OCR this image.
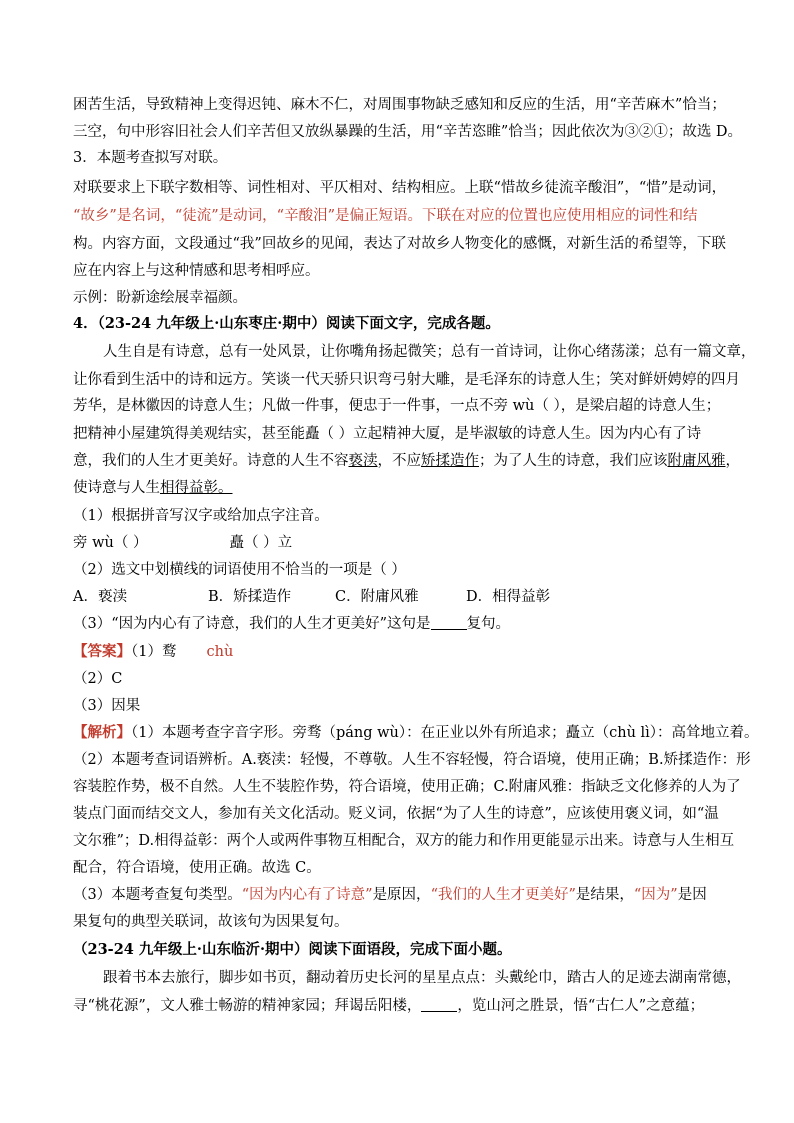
困苦生活，导致精神上变得迟钝、麻木不仁，对周围事物缺乏感知和反应的生活，用“辛苦麻木”恰当；
三空，句中形容旧社会人们辛苦但又放纵暴躁的生活，用“辛苦恣睢”恰当；因此依次为③②①；故选 D。
3．本题考查拟写对联。
对联要求上下联字数相等、词性相对、平仄相对、结构相应。上联“惜故乡徒流辛酸泪”，“惜”是动词，
“故乡”是名词，“徒流”是动词，“辛酸泪”是偏正短语。下联在对应的位置也应使用相应的词性和结
构。内容方面，文段通过“我”回故乡的见闻，表达了对故乡人物变化的感慨，对新生活的希望等，下联
应在内容上与这种情感和思考相呼应。
示例：盼新途绘展幸福颜。
4．（23-24 九年级上·山东枣庄·期中）阅读下面文字，完成各题。
人生自是有诗意，总有一处风景，让你嘴角扬起微笑；总有一首诗词，让你心绪荡漾；总有一篇文章，
让你看到生活中的诗和远方。笑谈一代天骄只识弯弓射大雕，是毛泽东的诗意人生；笑对鲜妍娉婷的四月
芳华，是林徽因的诗意人生；凡做一件事，便忠于一件事，一点不旁 wù（ ），是梁启超的诗意人生；
把精神小屋建筑得美观结实，甚至能矗（ ）立起精神大厦，是毕淑敏的诗意人生。因为内心有了诗
意，我们的人生才更美好。诗意的人生不容亵渎，不应矫揉造作；为了人生的诗意，我们应该附庸风雅，
使诗意与人生相得益彰。
（1）根据拼音写汉字或给加点字注音。
旁 wù（ ）	矗（ ）立
（2）选文中划横线的词语使用不恰当的一项是（ ）
A．亵渎	B．矫揉造作	C．附庸风雅	D．相得益彰
（3）“因为内心有了诗意，我们的人生才更美好”这句是 复句。
【答案】（1）鹜 chù
（2）C
（3）因果
【解析】（1）本题考查字音字形。旁骛（páng wù）：在正业以外有所追求；矗立（chù lì）：高耸地立着。
（2）本题考查词语辨析。A.亵渎：轻慢，不尊敬。人生不容轻慢，符合语境，使用正确；B.矫揉造作：形
容装腔作势，极不自然。人生不装腔作势，符合语境，使用正确；C.附庸风雅：指缺乏文化修养的人为了
装点门面而结交文人，参加有关文化活动。贬义词，依据“为了人生的诗意”，应该使用褒义词，如“温
文尔雅”；D.相得益彰：两个人或两件事物互相配合，双方的能力和作用更能显示出来。诗意与人生相互
配合，符合语境，使用正确。故选 C。
（3）本题考查复句类型。“因为内心有了诗意”是原因，“我们的人生才更美好”是结果，“因为”是因
果复句的典型关联词，故该句为因果复句。
（23-24 九年级上·山东临沂·期中）阅读下面语段，完成下面小题。
跟着书本去旅行，脚步如书页，翻动着历史长河的星星点点：头戴纶巾，踏古人的足迹去湖南常德，
寻“桃花源”，文人雅士畅游的精神家园；拜谒岳阳楼， ，览山河之胜景，悟“古仁人”之意蕴；
